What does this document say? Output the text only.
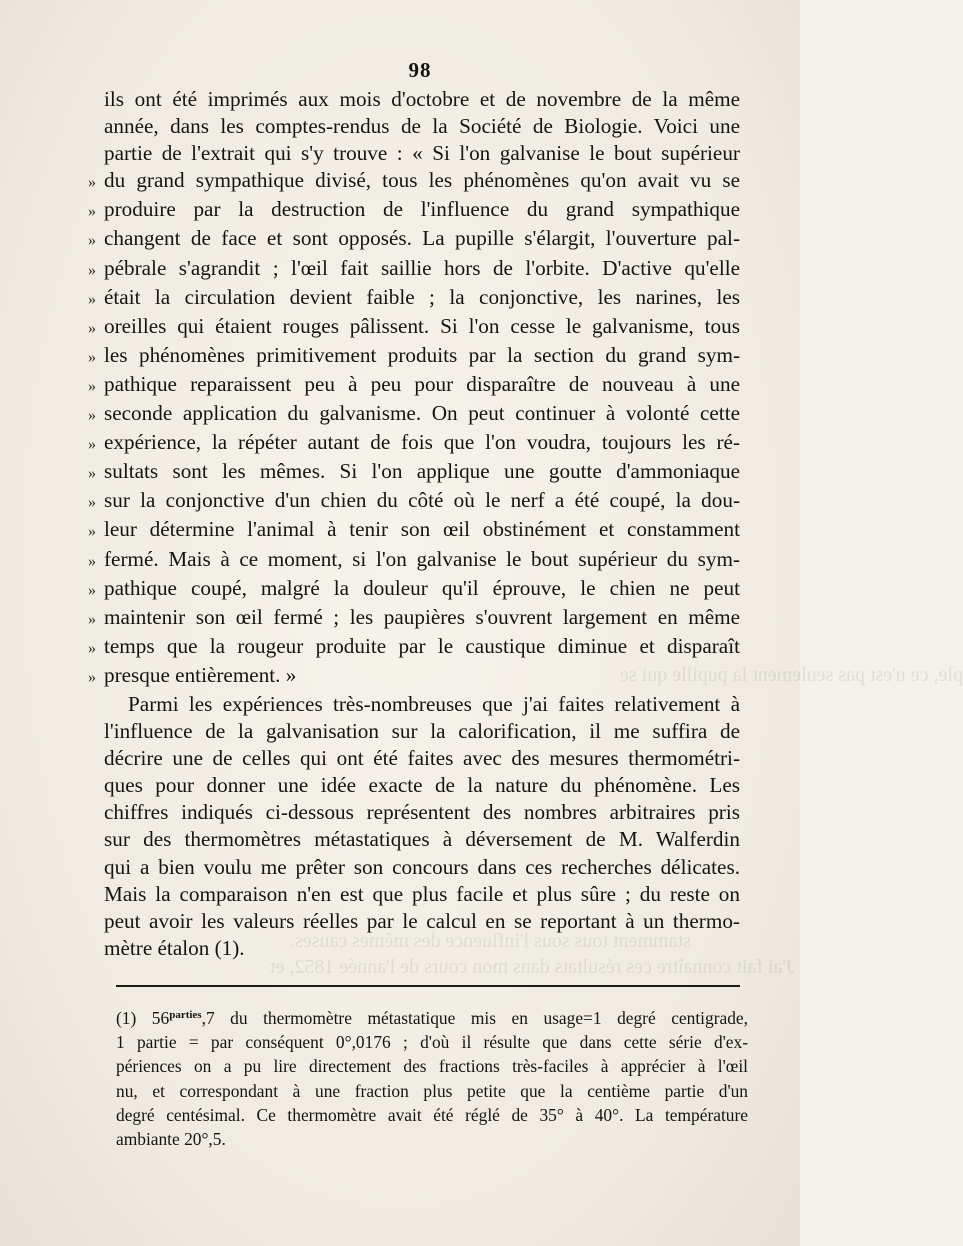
ple, ce n'est pas seulement la pupille qui se
stamment tous sous l'influence des mêmes causes.
J'ai fait connaître ces résultats dans mon cours de l'année 1852, et
98
ils ont été imprimés aux mois d'octobre et de novembre de la même
année, dans les comptes-rendus de la Société de Biologie. Voici une
partie de l'extrait qui s'y trouve : « Si l'on galvanise le bout supérieur
» du grand sympathique divisé, tous les phénomènes qu'on avait vu se
» produire par la destruction de l'influence du grand sympathique
» changent de face et sont opposés. La pupille s'élargit, l'ouverture pal-
» pébrale s'agrandit ; l'œil fait saillie hors de l'orbite. D'active qu'elle
» était la circulation devient faible ; la conjonctive, les narines, les
» oreilles qui étaient rouges pâlissent. Si l'on cesse le galvanisme, tous
» les phénomènes primitivement produits par la section du grand sym-
» pathique reparaissent peu à peu pour disparaître de nouveau à une
» seconde application du galvanisme. On peut continuer à volonté cette
» expérience, la répéter autant de fois que l'on voudra, toujours les ré-
» sultats sont les mêmes. Si l'on applique une goutte d'ammoniaque
» sur la conjonctive d'un chien du côté où le nerf a été coupé, la dou-
» leur détermine l'animal à tenir son œil obstinément et constamment
» fermé. Mais à ce moment, si l'on galvanise le bout supérieur du sym-
» pathique coupé, malgré la douleur qu'il éprouve, le chien ne peut
» maintenir son œil fermé ; les paupières s'ouvrent largement en même
» temps que la rougeur produite par le caustique diminue et disparaît
» presque entièrement. »
Parmi les expériences très-nombreuses que j'ai faites relativement à
l'influence de la galvanisation sur la calorification, il me suffira de
décrire une de celles qui ont été faites avec des mesures thermométri-
ques pour donner une idée exacte de la nature du phénomène. Les
chiffres indiqués ci-dessous représentent des nombres arbitraires pris
sur des thermomètres métastatiques à déversement de M. Walferdin
qui a bien voulu me prêter son concours dans ces recherches délicates.
Mais la comparaison n'en est que plus facile et plus sûre ; du reste on
peut avoir les valeurs réelles par le calcul en se reportant à un thermo-
mètre étalon (1).
(1) 56$^{parties}$,7 du thermomètre métastatique mis en usage=1 degré centigrade,
1 partie = par conséquent 0°,0176 ; d'où il résulte que dans cette série d'ex-
périences on a pu lire directement des fractions très-faciles à apprécier à l'œil
nu, et correspondant à une fraction plus petite que la centième partie d'un
degré centésimal. Ce thermomètre avait été réglé de 35° à 40°. La température
ambiante 20°,5.
